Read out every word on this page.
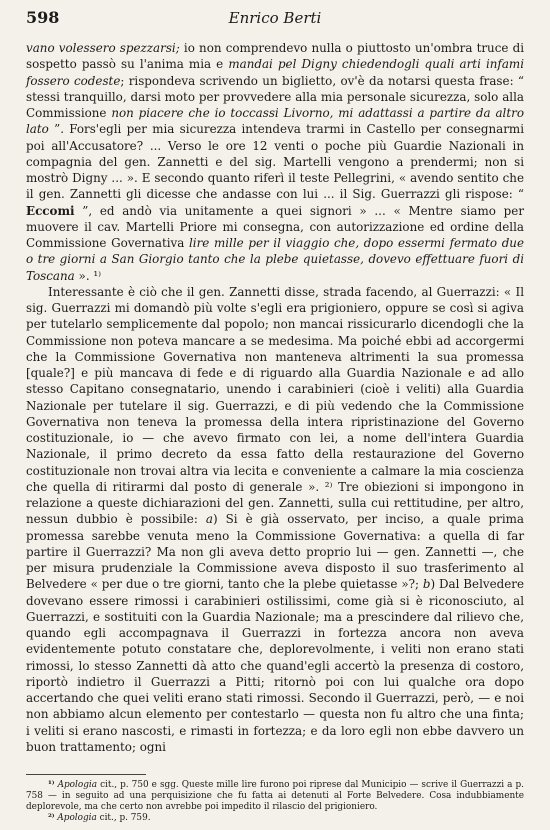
598	Enrico Berti

vano volessero spezzarsi; io non comprendevo nulla o piuttosto un'ombra truce di sospetto passò su l'anima mia e mandai pel Digny chiedendogli quali arti infami fossero codeste; rispondeva scrivendo un biglietto, ov'è da notarsi questa frase: “ stessi tranquillo, darsi moto per provvedere alla mia personale sicurezza, solo alla Commissione non piacere che io toccassi Livorno, mi adattassi a partire da altro lato ”. Fors'egli per mia sicurezza intendeva trarmi in Castello per consegnarmi poi all'Accusatore? ... Verso le ore 12 venti o poche più Guardie Nazionali in compagnia del gen. Zannetti e del sig. Martelli vengono a prendermi; non si mostrò Digny ... ». E secondo quanto riferì il teste Pellegrini, « avendo sentito che il gen. Zannetti gli dicesse che andasse con lui ... il Sig. Guerrazzi gli rispose: “ Eccomi ”, ed andò via unitamente a quei signori » ... « Mentre siamo per muovere il cav. Martelli Priore mi consegna, con autorizzazione ed ordine della Commissione Governativa lire mille per il viaggio che, dopo essermi fermato due o tre giorni a San Giorgio tanto che la plebe quietasse, dovevo effettuare fuori di Toscana ». ¹⁾

Interessante è ciò che il gen. Zannetti disse, strada facendo, al Guerrazzi: « Il sig. Guerrazzi mi domandò più volte s'egli era prigioniero, oppure se così si agiva per tutelarlo semplicemente dal popolo; non mancai rissicurarlo dicendogli che la Commissione non poteva mancare a se medesima. Ma poiché ebbi ad accorgermi che la Commissione Governativa non manteneva altrimenti la sua promessa [quale?] e più mancava di fede e di riguardo alla Guardia Nazionale e ad allo stesso Capitano consegnatario, unendo i carabinieri (cioè i veliti) alla Guardia Nazionale per tutelare il sig. Guerrazzi, e di più vedendo che la Commissione Governativa non teneva la promessa della intera ripristinazione del Governo costituzionale, io — che avevo firmato con lei, a nome dell'intera Guardia Nazionale, il primo decreto da essa fatto della restaurazione del Governo costituzionale non trovai altra via lecita e conveniente a calmare la mia coscienza che quella di ritirarmi dal posto di generale ». ²⁾ Tre obiezioni si impongono in relazione a queste dichiarazioni del gen. Zannetti, sulla cui rettitudine, per altro, nessun dubbio è possibile: a) Si è già osservato, per inciso, a quale prima promessa sarebbe venuta meno la Commissione Governativa: a quella di far partire il Guerrazzi? Ma non gli aveva detto proprio lui — gen. Zannetti —, che per misura prudenziale la Commissione aveva disposto il suo trasferimento al Belvedere « per due o tre giorni, tanto che la plebe quietasse »?; b) Dal Belvedere dovevano essere rimossi i carabinieri ostilissimi, come già si è riconosciuto, al Guerrazzi, e sostituiti con la Guardia Nazionale; ma a prescindere dal rilievo che, quando egli accompagnava il Guerrazzi in fortezza ancora non aveva evidentemente potuto constatare che, deplorevolmente, i veliti non erano stati rimossi, lo stesso Zannetti dà atto che quand'egli accertò la presenza di costoro, riportò indietro il Guerrazzi a Pitti; ritornò poi con lui qualche ora dopo accertando che quei veliti erano stati rimossi. Secondo il Guerrazzi, però, — e noi non abbiamo alcun elemento per contestarlo — questa non fu altro che una finta; i veliti si erano nascosti, e rimasti in fortezza; e da loro egli non ebbe davvero un buon trattamento; ogni

¹⁾ Apologia cit., p. 750 e sgg. Queste mille lire furono poi riprese dal Municipio — scrive il Guerrazzi a p. 758 — in seguito ad una perquisizione che fu fatta ai detenuti al Forte Belvedere. Cosa indubbiamente deplorevole, ma che certo non avrebbe poi impedito il rilascio del prigioniero.

²⁾ Apologia cit., p. 759.
